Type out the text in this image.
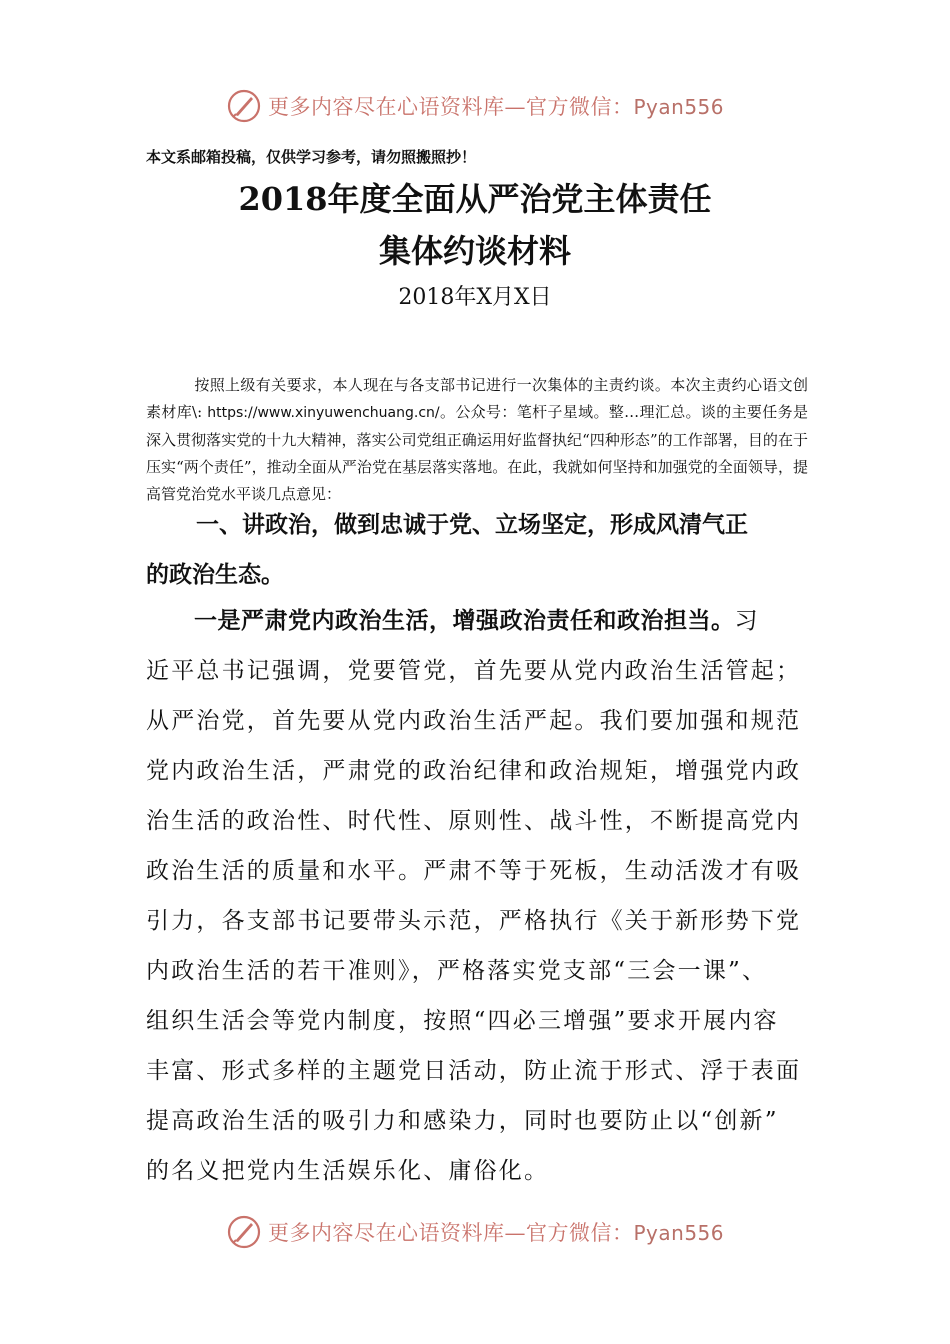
更多内容尽在心语资料库—官方微信：Pyan556
本文系邮箱投稿，仅供学习参考，请勿照搬照抄！
2018年度全面从严治党主体责任
集体约谈材料
2018年X月X日

按照上级有关要求，本人现在与各支部书记进行一次集体的主责约谈。本次主责约心语文创素材库\: https://www.xinyuwenchuang.cn/。公众号：笔杆子星域。整…理汇总。谈的主要任务是深入贯彻落实党的十九大精神，落实公司党组正确运用好监督执纪“四种形态”的工作部署，目的在于压实“两个责任”，推动全面从严治党在基层落实落地。在此，我就如何坚持和加强党的全面领导，提高管党治党水平谈几点意见：

一、讲政治，做到忠诚于党、立场坚定，形成风清气正
的政治生态。
一是严肃党内政治生活，增强政治责任和政治担当。习
近平总书记强调，党要管党，首先要从党内政治生活管起；
从严治党，首先要从党内政治生活严起。我们要加强和规范
党内政治生活，严肃党的政治纪律和政治规矩，增强党内政
治生活的政治性、时代性、原则性、战斗性，不断提高党内
政治生活的质量和水平。严肃不等于死板，生动活泼才有吸
引力，各支部书记要带头示范，严格执行《关于新形势下党
内政治生活的若干准则》，严格落实党支部“三会一课”、
组织生活会等党内制度，按照“四必三增强”要求开展内容
丰富、形式多样的主题党日活动，防止流于形式、浮于表面
提高政治生活的吸引力和感染力，同时也要防止以“创新”
的名义把党内生活娱乐化、庸俗化。
更多内容尽在心语资料库—官方微信：Pyan556
